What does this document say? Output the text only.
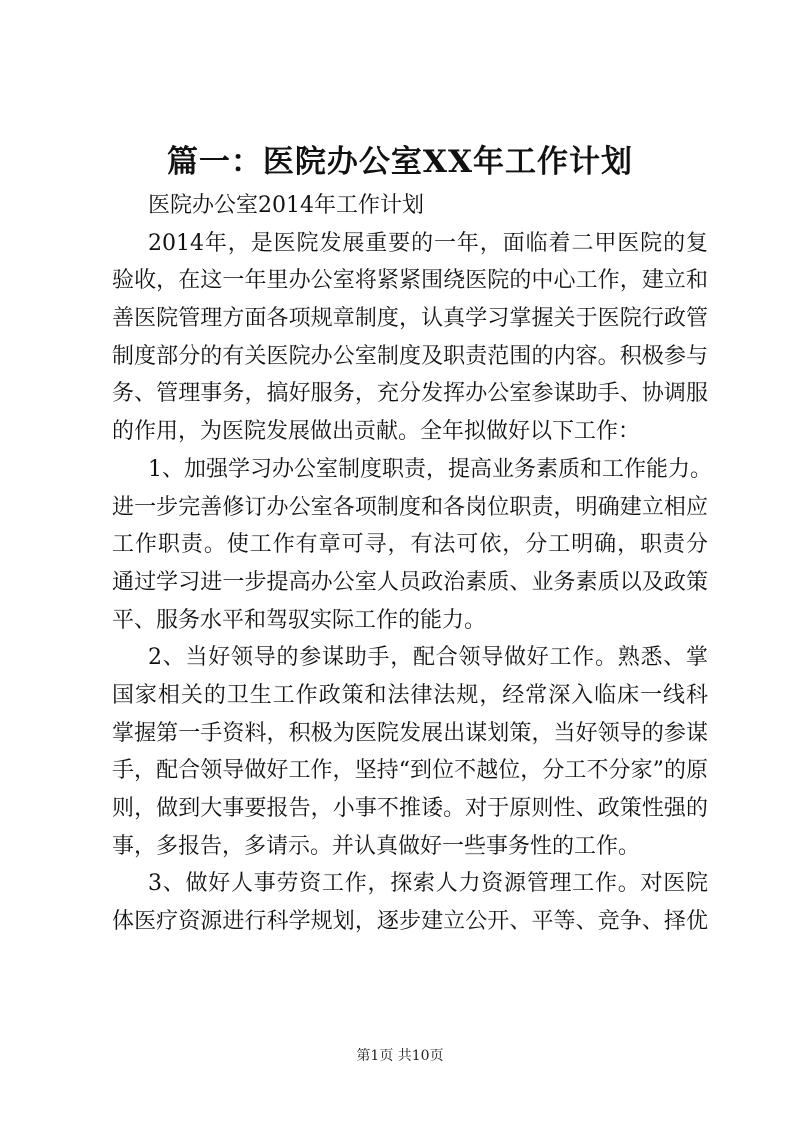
篇一：医院办公室XX年工作计划
医院办公室2014年工作计划
2014年，是医院发展重要的一年，面临着二甲医院的复
验收，在这一年里办公室将紧紧围绕医院的中心工作，建立和
善医院管理方面各项规章制度，认真学习掌握关于医院行政管
制度部分的有关医院办公室制度及职责范围的内容。积极参与
务、管理事务，搞好服务，充分发挥办公室参谋助手、协调服
的作用，为医院发展做出贡献。全年拟做好以下工作：
1、加强学习办公室制度职责，提高业务素质和工作能力。
进一步完善修订办公室各项制度和各岗位职责，明确建立相应
工作职责。使工作有章可寻，有法可依，分工明确，职责分
通过学习进一步提高办公室人员政治素质、业务素质以及政策
平、服务水平和驾驭实际工作的能力。
2、当好领导的参谋助手，配合领导做好工作。熟悉、掌
国家相关的卫生工作政策和法律法规，经常深入临床一线科
掌握第一手资料，积极为医院发展出谋划策，当好领导的参谋
手，配合领导做好工作，坚持“到位不越位，分工不分家”的原
则，做到大事要报告，小事不推诿。对于原则性、政策性强的
事，多报告，多请示。并认真做好一些事务性的工作。
3、做好人事劳资工作，探索人力资源管理工作。对医院
体医疗资源进行科学规划，逐步建立公开、平等、竞争、择优
第1页 共10页
